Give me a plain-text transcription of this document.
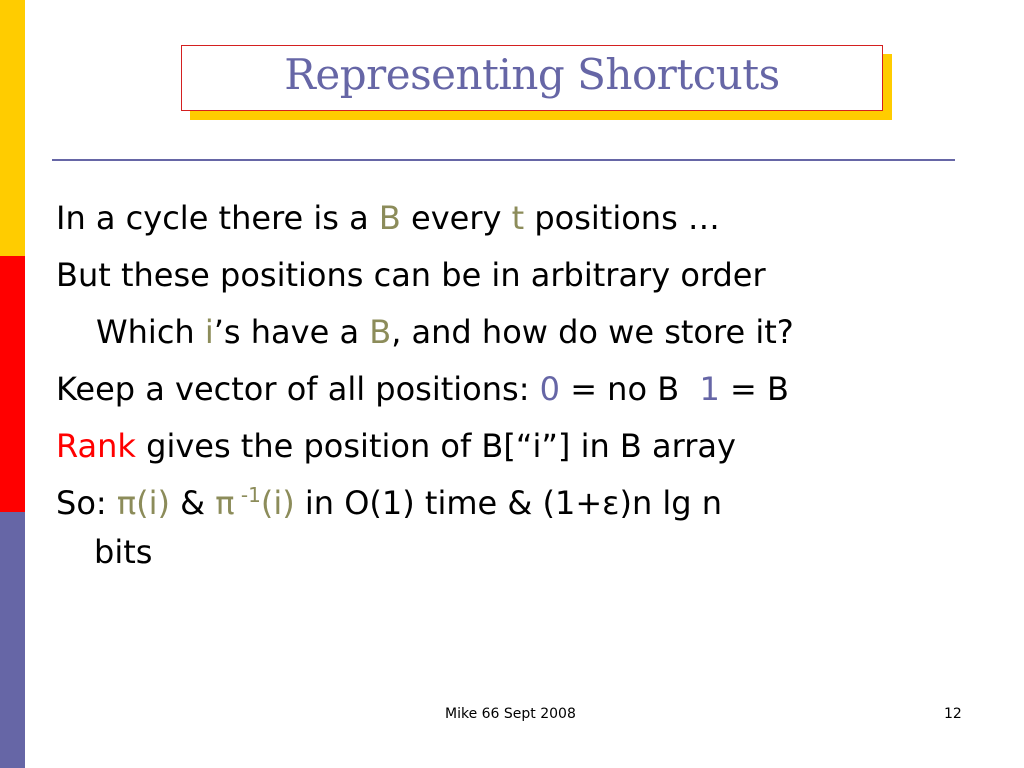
Representing Shortcuts
In a cycle there is a B every t positions …
But these positions can be in arbitrary order
Which i’s have a B, and how do we store it?
Keep a vector of all positions: 0 = no B  1 = B
Rank gives the position of B[“i”] in B array
So: π(i) & π $^{-1}$(i) in O(1) time & (1+ε)n lg n
bits
Mike 66 Sept 2008	12
